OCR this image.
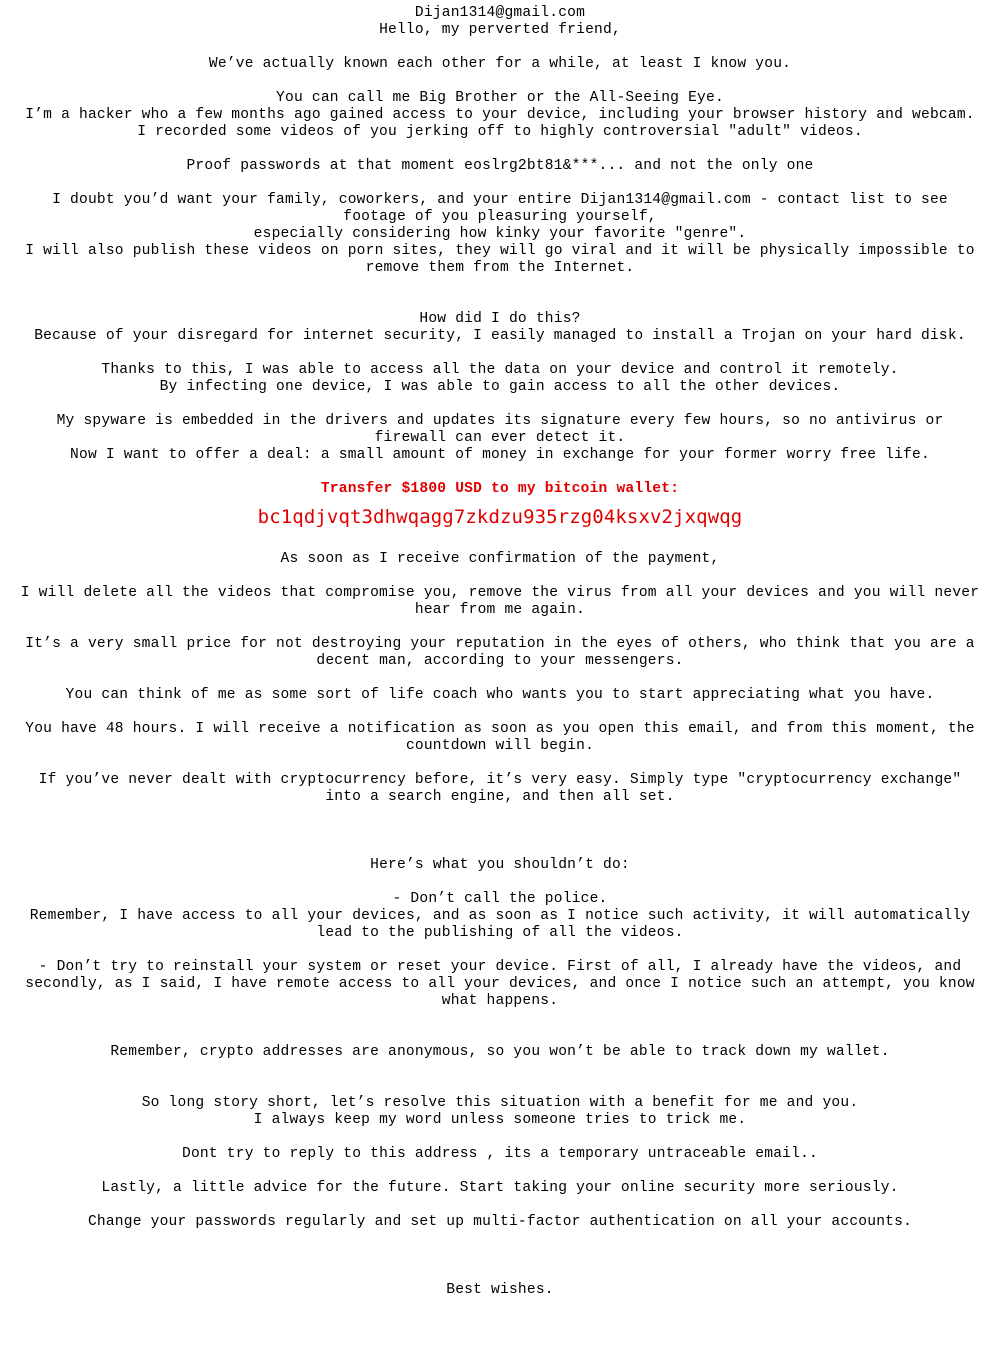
Dijan1314@gmail.com
Hello, my perverted friend,
We’ve actually known each other for a while, at least I know you.
You can call me Big Brother or the All-Seeing Eye.
I’m a hacker who a few months ago gained access to your device, including your browser history and webcam.
I recorded some videos of you jerking off to highly controversial "adult" videos.
Proof passwords at that moment eoslrg2bt81&***... and not the only one
I doubt you’d want your family, coworkers, and your entire Dijan1314@gmail.com - contact list to see footage of you pleasuring yourself,
especially considering how kinky your favorite "genre".
I will also publish these videos on porn sites, they will go viral and it will be physically impossible to remove them from the Internet.
How did I do this?
Because of your disregard for internet security, I easily managed to install a Trojan on your hard disk.
Thanks to this, I was able to access all the data on your device and control it remotely.
By infecting one device, I was able to gain access to all the other devices.
My spyware is embedded in the drivers and updates its signature every few hours, so no antivirus or firewall can ever detect it.
Now I want to offer a deal: a small amount of money in exchange for your former worry free life.
Transfer $1800 USD to my bitcoin wallet:
bc1qdjvqt3dhwqagg7zkdzu935rzg04ksxv2jxqwqg
As soon as I receive confirmation of the payment,
I will delete all the videos that compromise you, remove the virus from all your devices and you will never hear from me again.
It’s a very small price for not destroying your reputation in the eyes of others, who think that you are a decent man, according to your messengers.
You can think of me as some sort of life coach who wants you to start appreciating what you have.
You have 48 hours. I will receive a notification as soon as you open this email, and from this moment, the countdown will begin.
If you’ve never dealt with cryptocurrency before, it’s very easy. Simply type "cryptocurrency exchange" into a search engine, and then all set.
Here’s what you shouldn’t do:
- Don’t call the police.
Remember, I have access to all your devices, and as soon as I notice such activity, it will automatically lead to the publishing of all the videos.
- Don’t try to reinstall your system or reset your device. First of all, I already have the videos, and secondly, as I said, I have remote access to all your devices, and once I notice such an attempt, you know what happens.
Remember, crypto addresses are anonymous, so you won’t be able to track down my wallet.
So long story short, let’s resolve this situation with a benefit for me and you.
I always keep my word unless someone tries to trick me.
Dont try to reply to this address , its a temporary untraceable email..
Lastly, a little advice for the future. Start taking your online security more seriously.
Change your passwords regularly and set up multi-factor authentication on all your accounts.
Best wishes.
